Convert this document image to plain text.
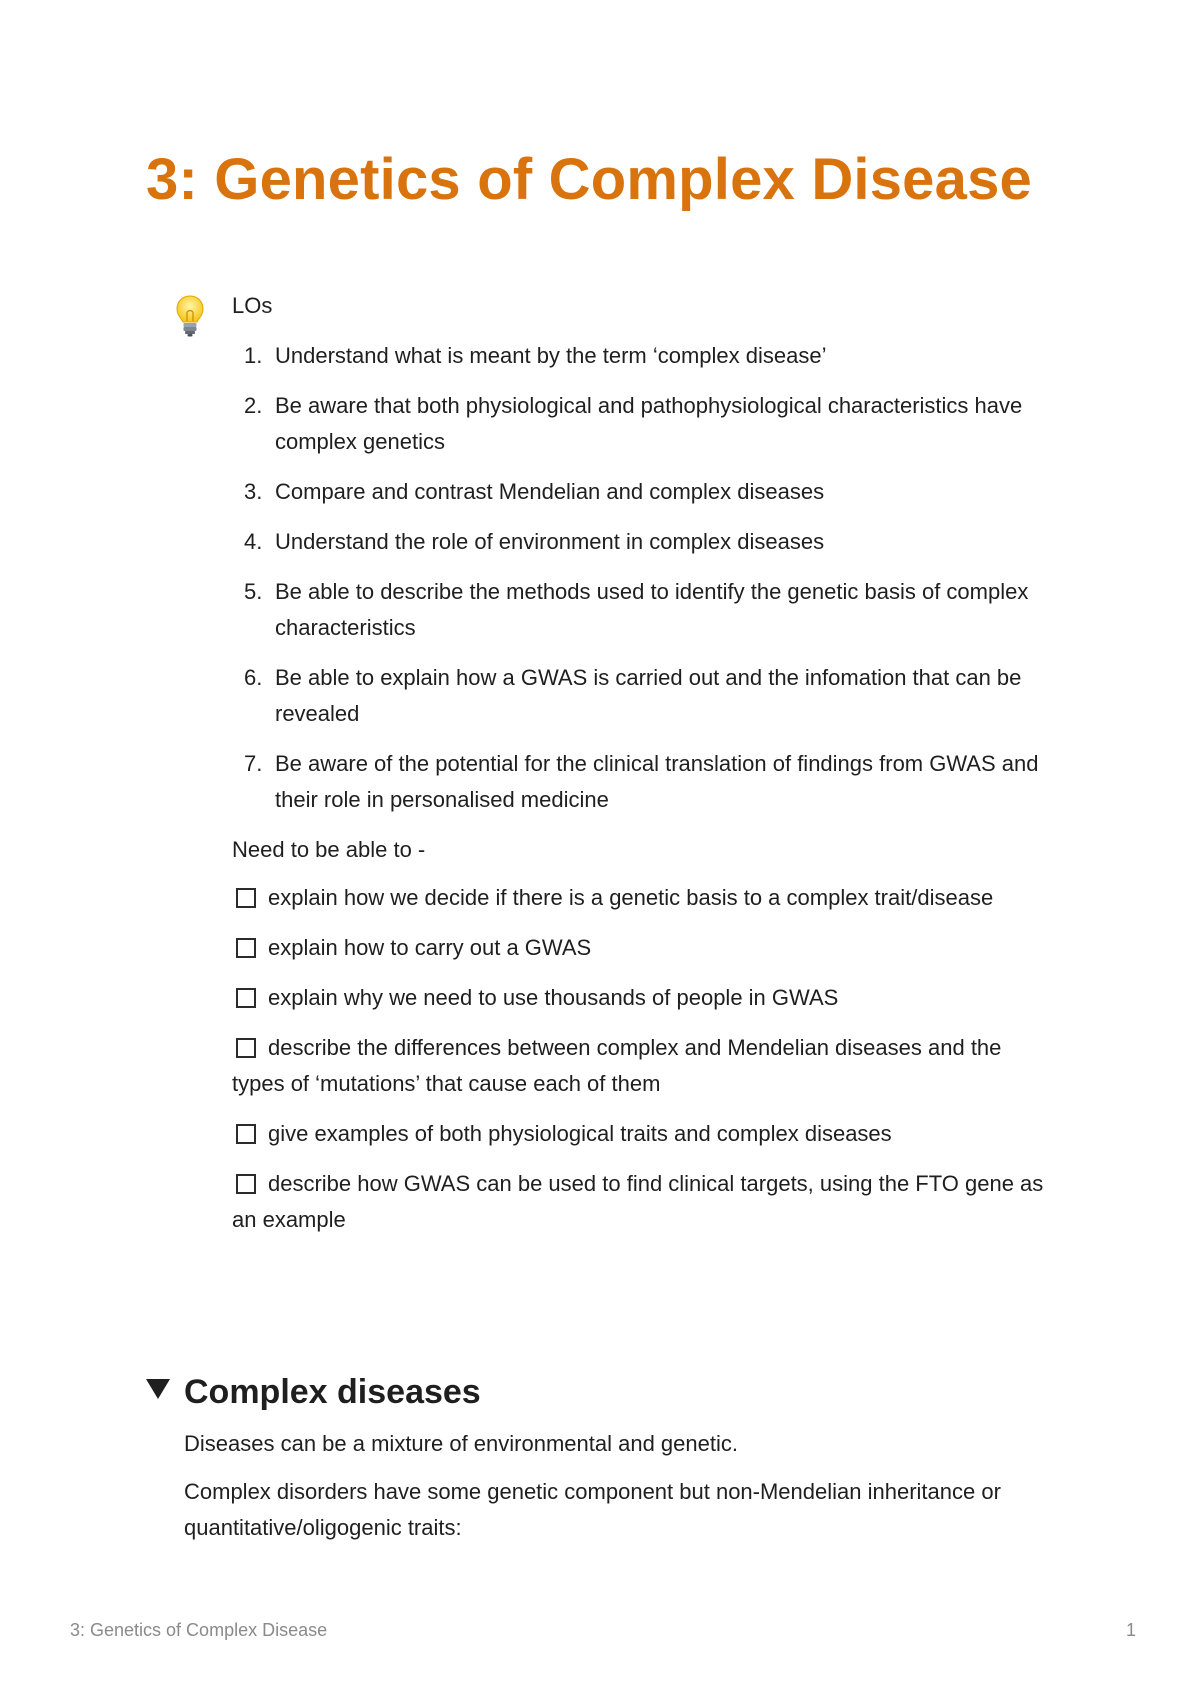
3: Genetics of Complex Disease
LOs
1. Understand what is meant by the term ‘complex disease’
2. Be aware that both physiological and pathophysiological characteristics have complex genetics
3. Compare and contrast Mendelian and complex diseases
4. Understand the role of environment in complex diseases
5. Be able to describe the methods used to identify the genetic basis of complex characteristics
6. Be able to explain how a GWAS is carried out and the infomation that can be revealed
7. Be aware of the potential for the clinical translation of findings from GWAS and their role in personalised medicine
Need to be able to -
explain how we decide if there is a genetic basis to a complex trait/disease
explain how to carry out a GWAS
explain why we need to use thousands of people in GWAS
describe the differences between complex and Mendelian diseases and the types of ‘mutations’ that cause each of them
give examples of both physiological traits and complex diseases
describe how GWAS can be used to find clinical targets, using the FTO gene as an example
Complex diseases

Diseases can be a mixture of environmental and genetic.

Complex disorders have some genetic component but non-Mendelian inheritance or quantitative/oligogenic traits:

3: Genetics of Complex Disease	1
